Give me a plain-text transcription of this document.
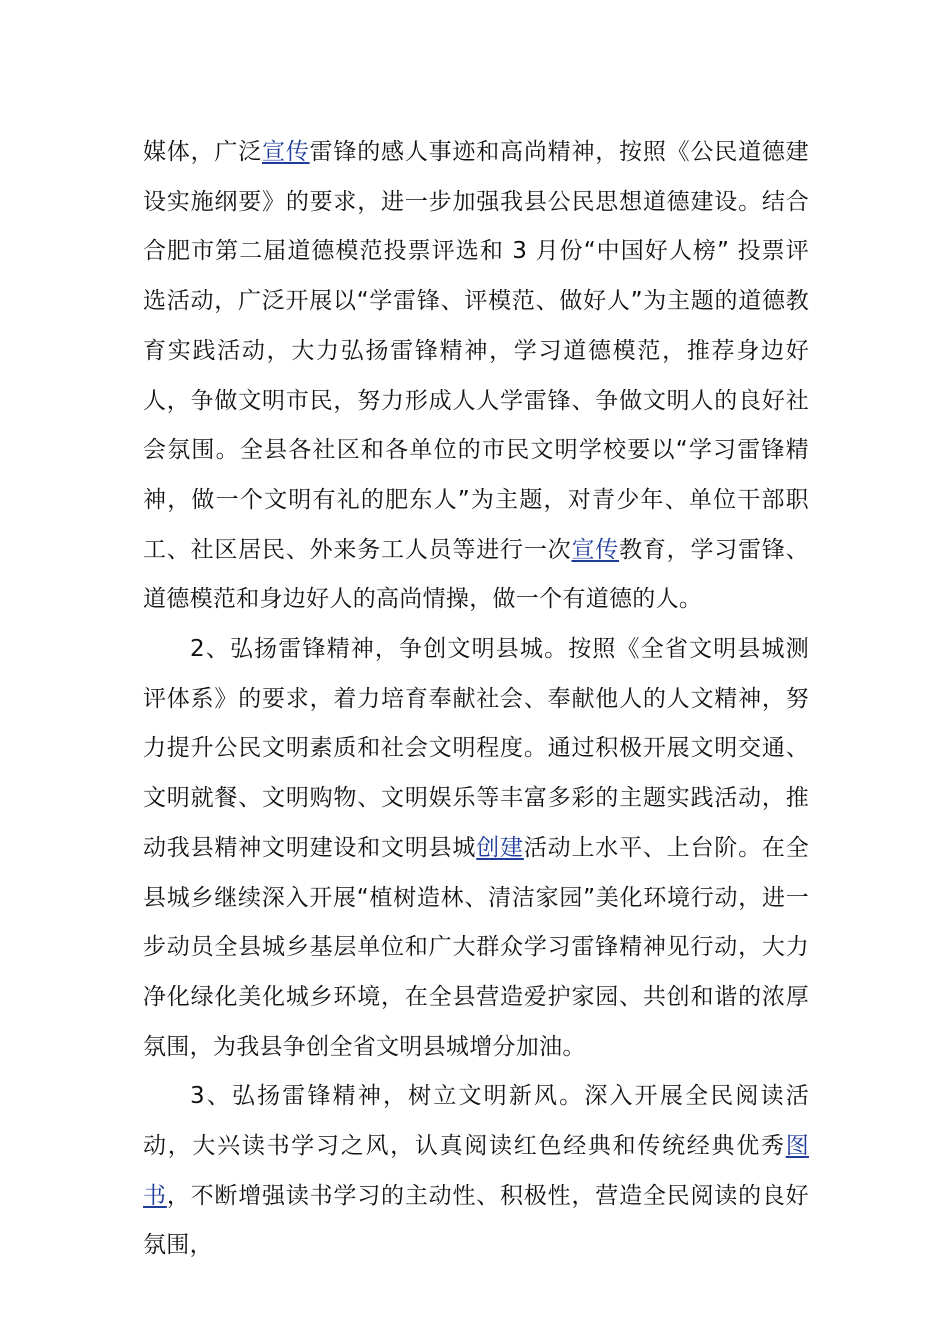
媒体，广泛宣传雷锋的感人事迹和高尚精神，按照《公民道德建设实施纲要》的要求，进一步加强我县公民思想道德建设。结合合肥市第二届道德模范投票评选和 3 月份“中国好人榜” 投票评选活动，广泛开展以“学雷锋、评模范、做好人”为主题的道德教育实践活动，大力弘扬雷锋精神，学习道德模范，推荐身边好人，争做文明市民，努力形成人人学雷锋、争做文明人的良好社会氛围。全县各社区和各单位的市民文明学校要以“学习雷锋精神，做一个文明有礼的肥东人”为主题，对青少年、单位干部职工、社区居民、外来务工人员等进行一次宣传教育，学习雷锋、道德模范和身边好人的高尚情操，做一个有道德的人。

2、弘扬雷锋精神，争创文明县城。按照《全省文明县城测评体系》的要求，着力培育奉献社会、奉献他人的人文精神，努力提升公民文明素质和社会文明程度。通过积极开展文明交通、文明就餐、文明购物、文明娱乐等丰富多彩的主题实践活动，推动我县精神文明建设和文明县城创建活动上水平、上台阶。在全县城乡继续深入开展“植树造林、清洁家园”美化环境行动，进一步动员全县城乡基层单位和广大群众学习雷锋精神见行动，大力净化绿化美化城乡环境，在全县营造爱护家园、共创和谐的浓厚氛围，为我县争创全省文明县城增分加油。

3、弘扬雷锋精神，树立文明新风。深入开展全民阅读活动，大兴读书学习之风，认真阅读红色经典和传统经典优秀图书，不断增强读书学习的主动性、积极性，营造全民阅读的良好氛围，
